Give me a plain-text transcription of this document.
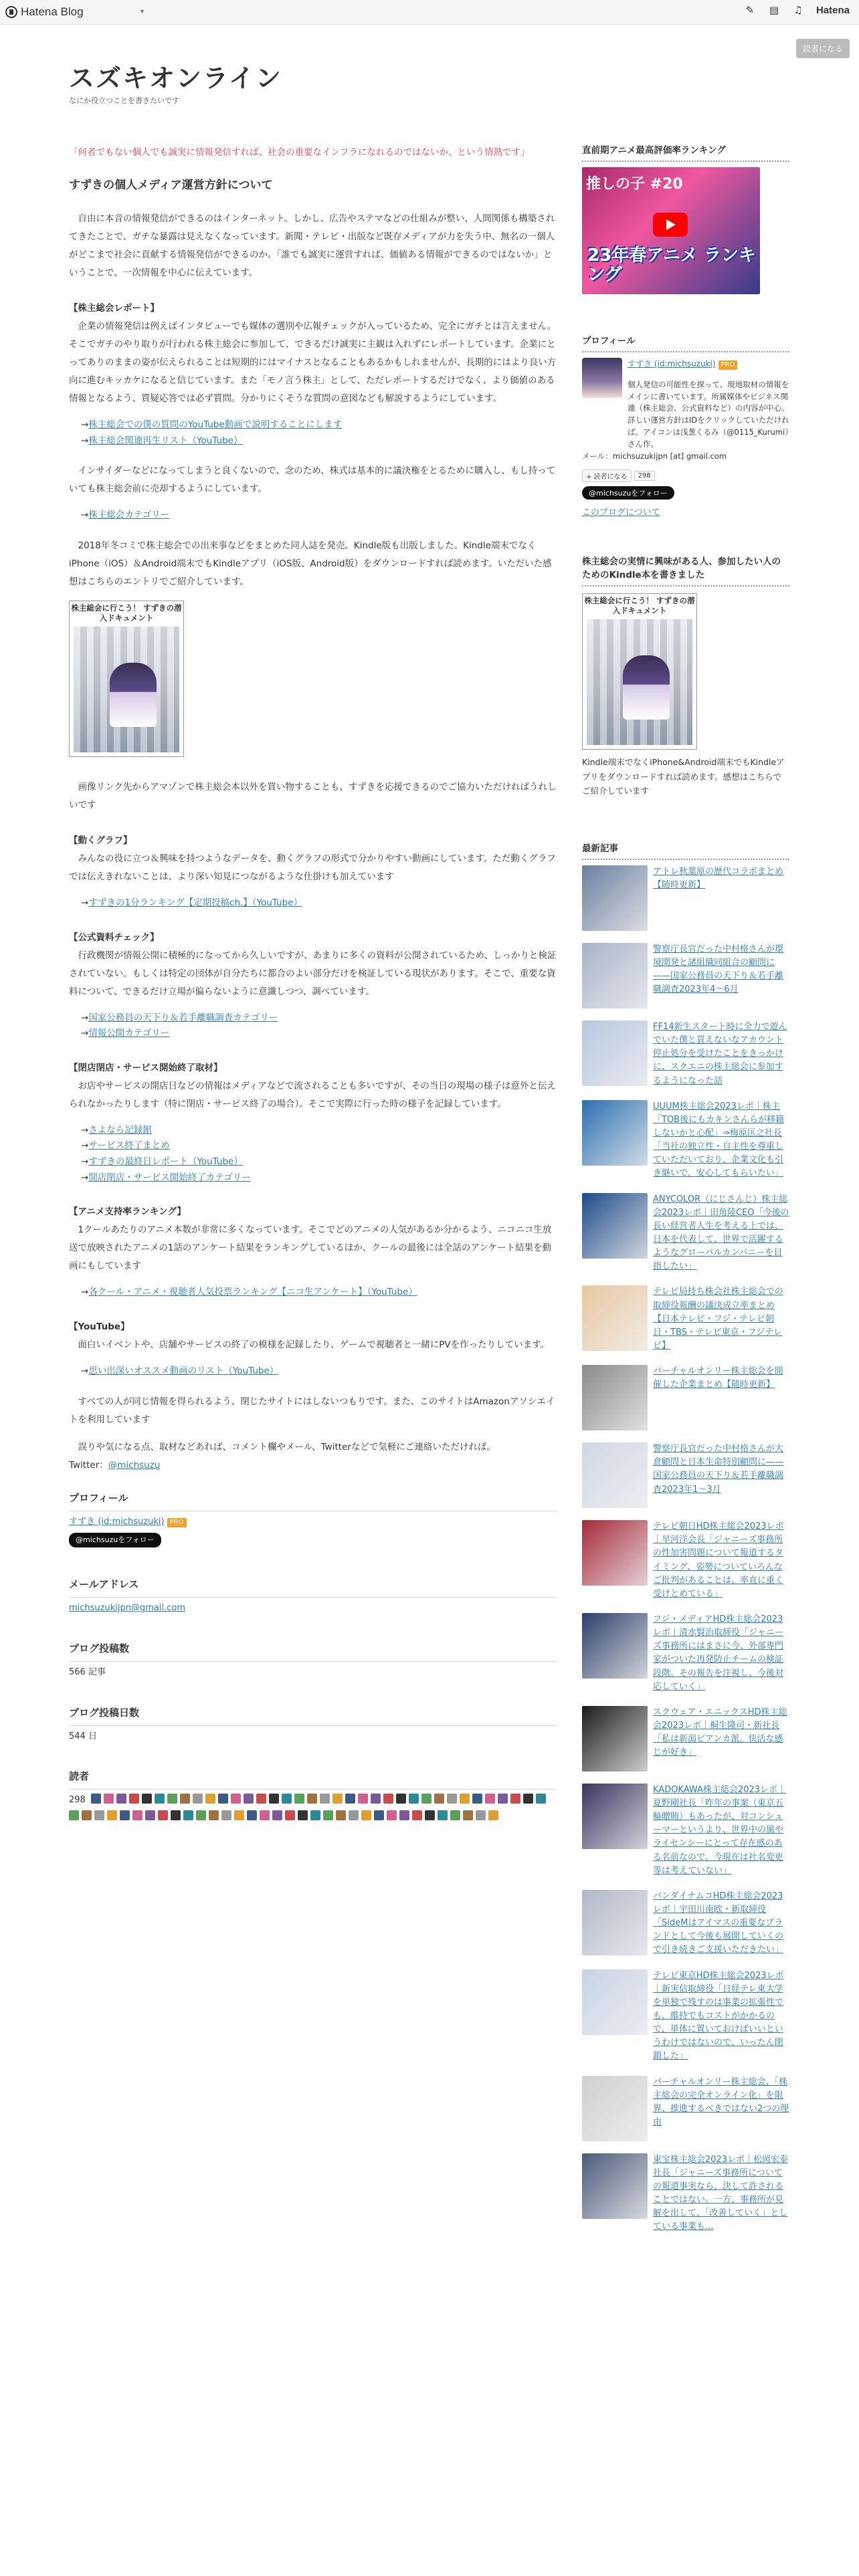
Hatena Blog	▾	✎ ▤ ♫ Hatena
読者になる
スズキオンライン
なにか役立つことを書きたいです

「何者でもない個人でも誠実に情報発信すれば、社会の重要なインフラになれるのではないか、という情熱です」

すずきの個人メディア運営方針について

自由に本音の情報発信ができるのはインターネット。しかし、広告やステマなどの仕組みが整い、人間関係も構築されてきたことで、ガチな暴露は見えなくなっています。新聞・テレビ・出版など既存メディアが力を失う中、無名の一個人がどこまで社会に貢献する情報発信ができるのか。「誰でも誠実に運営すれば、価値ある情報ができるのではないか」ということで、一次情報を中心に伝えています。

【株主総会レポート】

企業の情報発信は例えばインタビューでも媒体の選別や広報チェックが入っているため、完全にガチとは言えません。そこでガチのやり取りが行われる株主総会に参加して、できるだけ誠実に主観は入れずにレポートしています。企業にとってありのままの姿が伝えられることは短期的にはマイナスとなることもあるかもしれませんが、長期的にはより良い方向に進むキッカケになると信じています。また「モノ言う株主」として、ただレポートするだけでなく、より価値のある情報となるよう、質疑応答では必ず質問。分かりにくそうな質問の意図なども解説するようにしています。

→株主総会での僕の質問のYouTube動画で説明することにします
→株主総会関連再生リスト（YouTube）

インサイダーなどになってしまうと良くないので、念のため、株式は基本的に議決権をとるために購入し、もし持っていても株主総会前に売却するようにしています。

→株主総会カテゴリー

2018年冬コミで株主総会での出来事などをまとめた同人誌を発売。Kindle版も出版しました。Kindle端末でなくiPhone（iOS）＆Android端末でもKindleアプリ（iOS版、Android版）をダウンロードすれば読めます。いただいた感想はこちらのエントリでご紹介しています。

株主総会に行こう！ すずきの潜入ドキュメント

画像リンク先からアマゾンで株主総会本以外を買い物することも、すずきを応援できるのでご協力いただければうれしいです

【動くグラフ】

みんなの役に立つ＆興味を持つようなデータを、動くグラフの形式で分かりやすい動画にしています。ただ動くグラフでは伝えきれないことは、より深い知見につながるような仕掛けも加えています

→すずきの1分ランキング【定期投稿ch.】（YouTube）
【公式資料チェック】

行政機関が情報公開に積極的になってから久しいですが、あまりに多くの資料が公開されているため、しっかりと検証されていない。もしくは特定の団体が自分たちに都合のよい部分だけを検証している現状があります。そこで、重要な資料について、できるだけ立場が偏らないように意識しつつ、調べています。

→国家公務員の天下り＆若手離職調査カテゴリー
→情報公開カテゴリー
【閉店閉店・サービス開始終了取材】

お店やサービスの開店日などの情報はメディアなどで流されることも多いですが、その当日の現場の様子は意外と伝えられなかったりします（特に閉店・サービス終了の場合）。そこで実際に行った時の様子を記録しています。

→さよなら記録館
→サービス終了まとめ
→すずきの最終日レポート（YouTube）
→開店閉店・サービス開始終了カテゴリー
【アニメ支持率ランキング】

1クールあたりのアニメ本数が非常に多くなっています。そこでどのアニメの人気があるか分かるよう、ニコニコ生放送で放映されたアニメの1話のアンケート結果をランキングしているほか、クールの最後には全話のアンケート結果を動画にもしています

→各クール・アニメ・視聴者人気投票ランキング【ニコ生アンケート】（YouTube）
【YouTube】

面白いイベントや、店舗やサービスの終了の模様を記録したり、ゲームで視聴者と一緒にPVを作ったりしています。

→思い出深いオススメ動画のリスト（YouTube）

すべての人が同じ情報を得られるよう、閉じたサイトにはしないつもりです。また、このサイトはAmazonアソシエイトを利用しています

誤りや気になる点、取材などあれば、コメント欄やメール、Twitterなどで気軽にご連絡いただければ。

Twitter：@michsuzu
プロフィール
すずき (id:michsuzuki) PRO
@michsuzuをフォロー
メールアドレス
michsuzukijpn@gmail.com
ブログ投稿数
566 記事
ブログ投稿日数
544 日
読者
298
直前期アニメ最高評価率ランキング
推しの子 #20
23年春アニメ ランキング
プロフィール
すずき (id:michsuzuki) PRO
個人発信の可能性を探って、現地取材の情報をメインに書いています。所属媒体やビジネス関連（株主総会、公式資料など）の内容が中心。詳しい運営方針はIDをクリックしていただければ。アイコンは浅葱くるみ（@0115_Kurumi）さん作。
メール：michsuzukijpn [at] gmail.com
+ 読者になる	298
@michsuzuをフォロー
このブログについて
株主総会の実情に興味がある人、参加したい人のためのKindle本を書きました
株主総会に行こう！ すずきの潜入ドキュメント
Kindle端末でなくiPhone&Android端末でもKindleアプリをダウンロードすれば読めます。感想はこちらでご紹介しています
最新記事
アトレ秋葉原の歴代コラボまとめ【随時更新】
警察庁長官だった中村格さんが環境開発と諸組織同組合の顧問に——国家公務員の天下り＆若手離職調査2023年4〜6月
FF14新生スタート時に全力で遊んでいた僕と買えないなアカウント停止処分を受けたことをきっかけに、スクエニの株主総会に参加するようになった話
UUUM株主総会2023レポ｜株主「TOB後にもカキンさんらが移籍しないかと心配」⇒梅原匡之社長「当社の独立性・自主性を尊重していただいており、企業文化も引き継いで、安心してもらいたい」
ANYCOLOR（にじさんじ）株主総会2023レポ｜田角陸CEO「今後の長い経営者人生を考える上では、日本を代表して、世界で活躍するようなグローバルカンパニーを目指したい」
テレビ局持ち株会社株主総会での取締役報酬の議決成立率まとめ【日本テレビ・フジ・テレビ朝日・TBS・テレビ東京・フジテレビ】
バーチャルオンリー株主総会を開催した企業まとめ【随時更新】
警察庁長官だった中村格さんが大倉顧問と日本生命特別顧問に——国家公務員の天下り＆若手離職調査2023年1〜3月
テレビ朝日HD株主総会2023レポ｜早河洋会長「ジャニーズ事務所の性加害問題について報道するタイミング、姿勢についていろんなご批判があることは、率直に重く受けとめている」
フジ・メディアHD株主総会2023レポ｜清水賢治取締役「ジャニーズ事務所にはまさに今、外部専門家がついた再発防止チームの検証段階。その報告を注視し、今後対応していく」
スクウェア・エニックスHD株主総会2023レポ｜桐生隆司・新社長「私は新潟ビアンカ派。快活な感じが好き」
KADOKAWA株主総会2023レポ｜夏野剛社長「昨年の事案（東京五輪贈賄）もあったが、対コンシューマーというより、世界中の風やライセンシーにとって存在感のある名前なので、今現在は社名変更等は考えていない」
バンダイナムコHD株主総会2023レポ｜宇田川南欧・新取締役「SideMはアイマスの重要なブランドとして今後も展開していくので引き続きご支援いただきたい」
テレビ東京HD株主総会2023レポ｜新実信取締役「日経テレ東大学を単独で残すのは事業の拡張性でも、維持でもコストがかかるので、単体に置いておけばいいというわけではないので、いったん閉鎖した」
バーチャルオンリー株主総会、「株主総会の完全オンライン化」を限界、推進するべきではない2つの理由
東宝株主総会2023レポ｜松岡宏泰社長「ジャニーズ事務所についての報道事実なら、決して許されることではない。一方、事務所が見解を出して、「改善していく」としている事業も...
